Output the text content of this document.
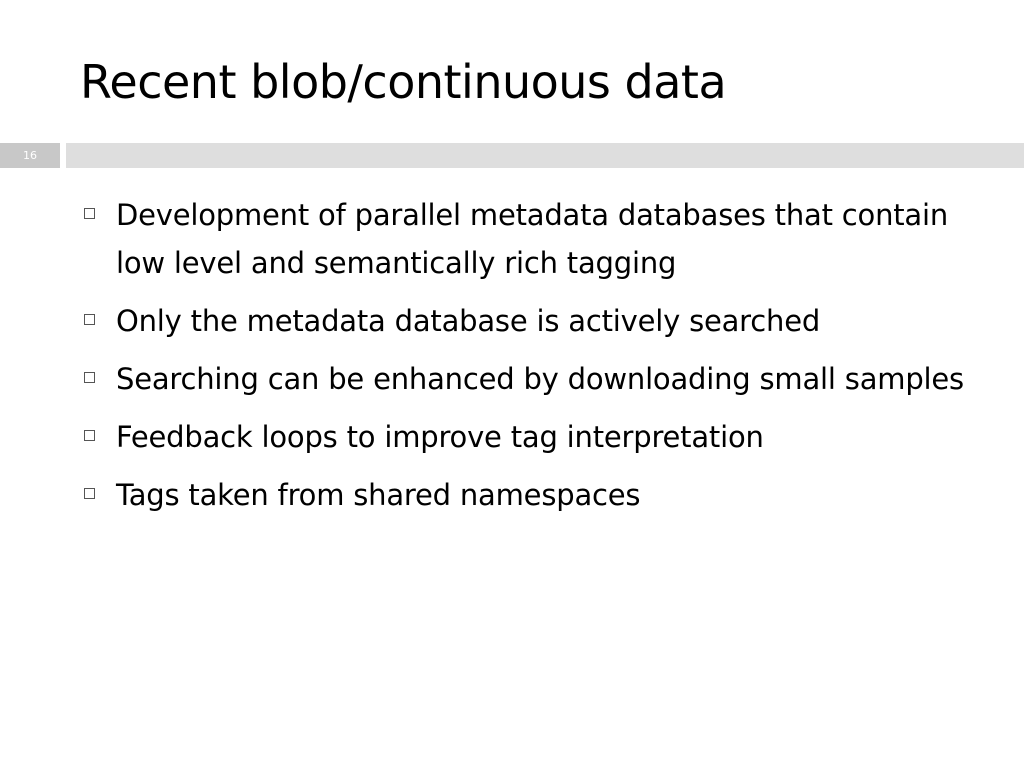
Recent blob/continuous data
16
Development of parallel metadata databases that contain low level and semantically rich tagging
Only the metadata database is actively searched
Searching can be enhanced by downloading small samples
Feedback loops to improve tag interpretation
Tags taken from shared namespaces
